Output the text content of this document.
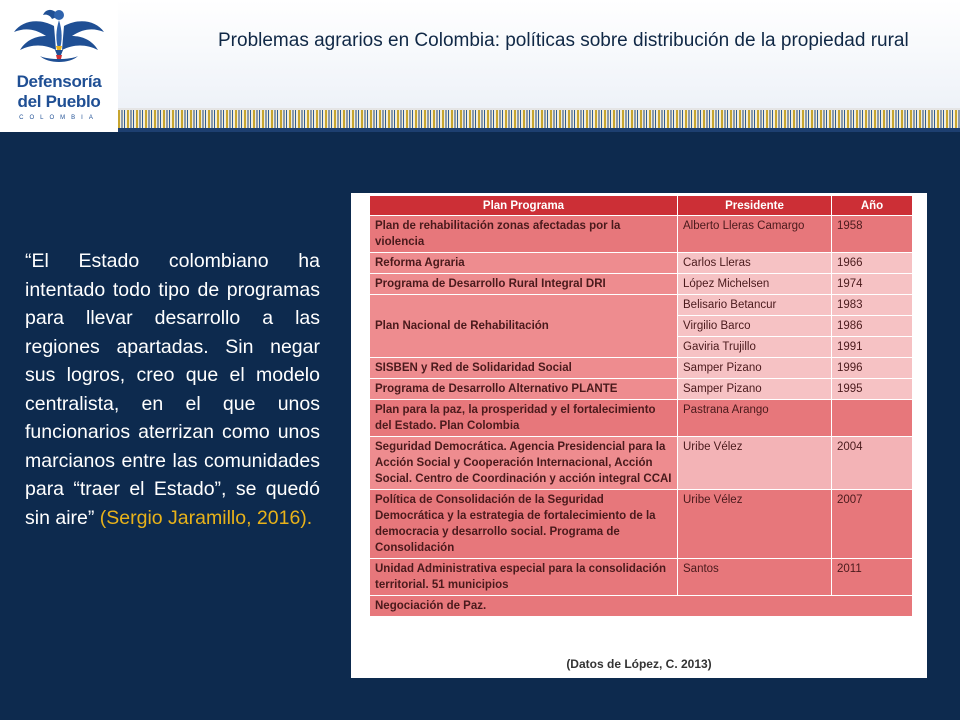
Defensoría
del Pueblo
COLOMBIA
Problemas agrarios en Colombia: políticas sobre distribución de la propiedad rural
“El Estado colombiano ha intentado todo tipo de programas para llevar desarrollo a las regiones apartadas. Sin negar sus logros, creo que el modelo centralista, en el que unos funcionarios aterrizan como unos marcianos entre las comunidades para “traer el Estado”, se quedó sin aire” (Sergio Jaramillo, 2016).
Plan Programa	Presidente	Año
Plan de rehabilitación zonas afectadas por la violencia	Alberto Lleras Camargo	1958
Reforma Agraria	Carlos Lleras	1966
Programa de Desarrollo Rural Integral DRI	López Michelsen	1974
Plan Nacional de Rehabilitación	Belisario Betancur	1983
	Virgilio Barco	1986
	Gaviria Trujillo	1991
SISBEN y Red de Solidaridad Social	Samper Pizano	1996
Programa de Desarrollo Alternativo PLANTE	Samper Pizano	1995
Plan para la paz, la prosperidad y el fortalecimiento del Estado. Plan Colombia	Pastrana Arango	
Seguridad Democrática. Agencia Presidencial para la Acción Social y Cooperación Internacional, Acción Social. Centro de Coordinación y acción integral CCAI	Uribe Vélez	2004
Política de Consolidación de la Seguridad Democrática y la estrategia de fortalecimiento de la democracia y desarrollo social. Programa de Consolidación	Uribe Vélez	2007
Unidad Administrativa especial para la consolidación territorial. 51 municipios	Santos	2011
Negociación de Paz.		
(Datos de López, C. 2013)
